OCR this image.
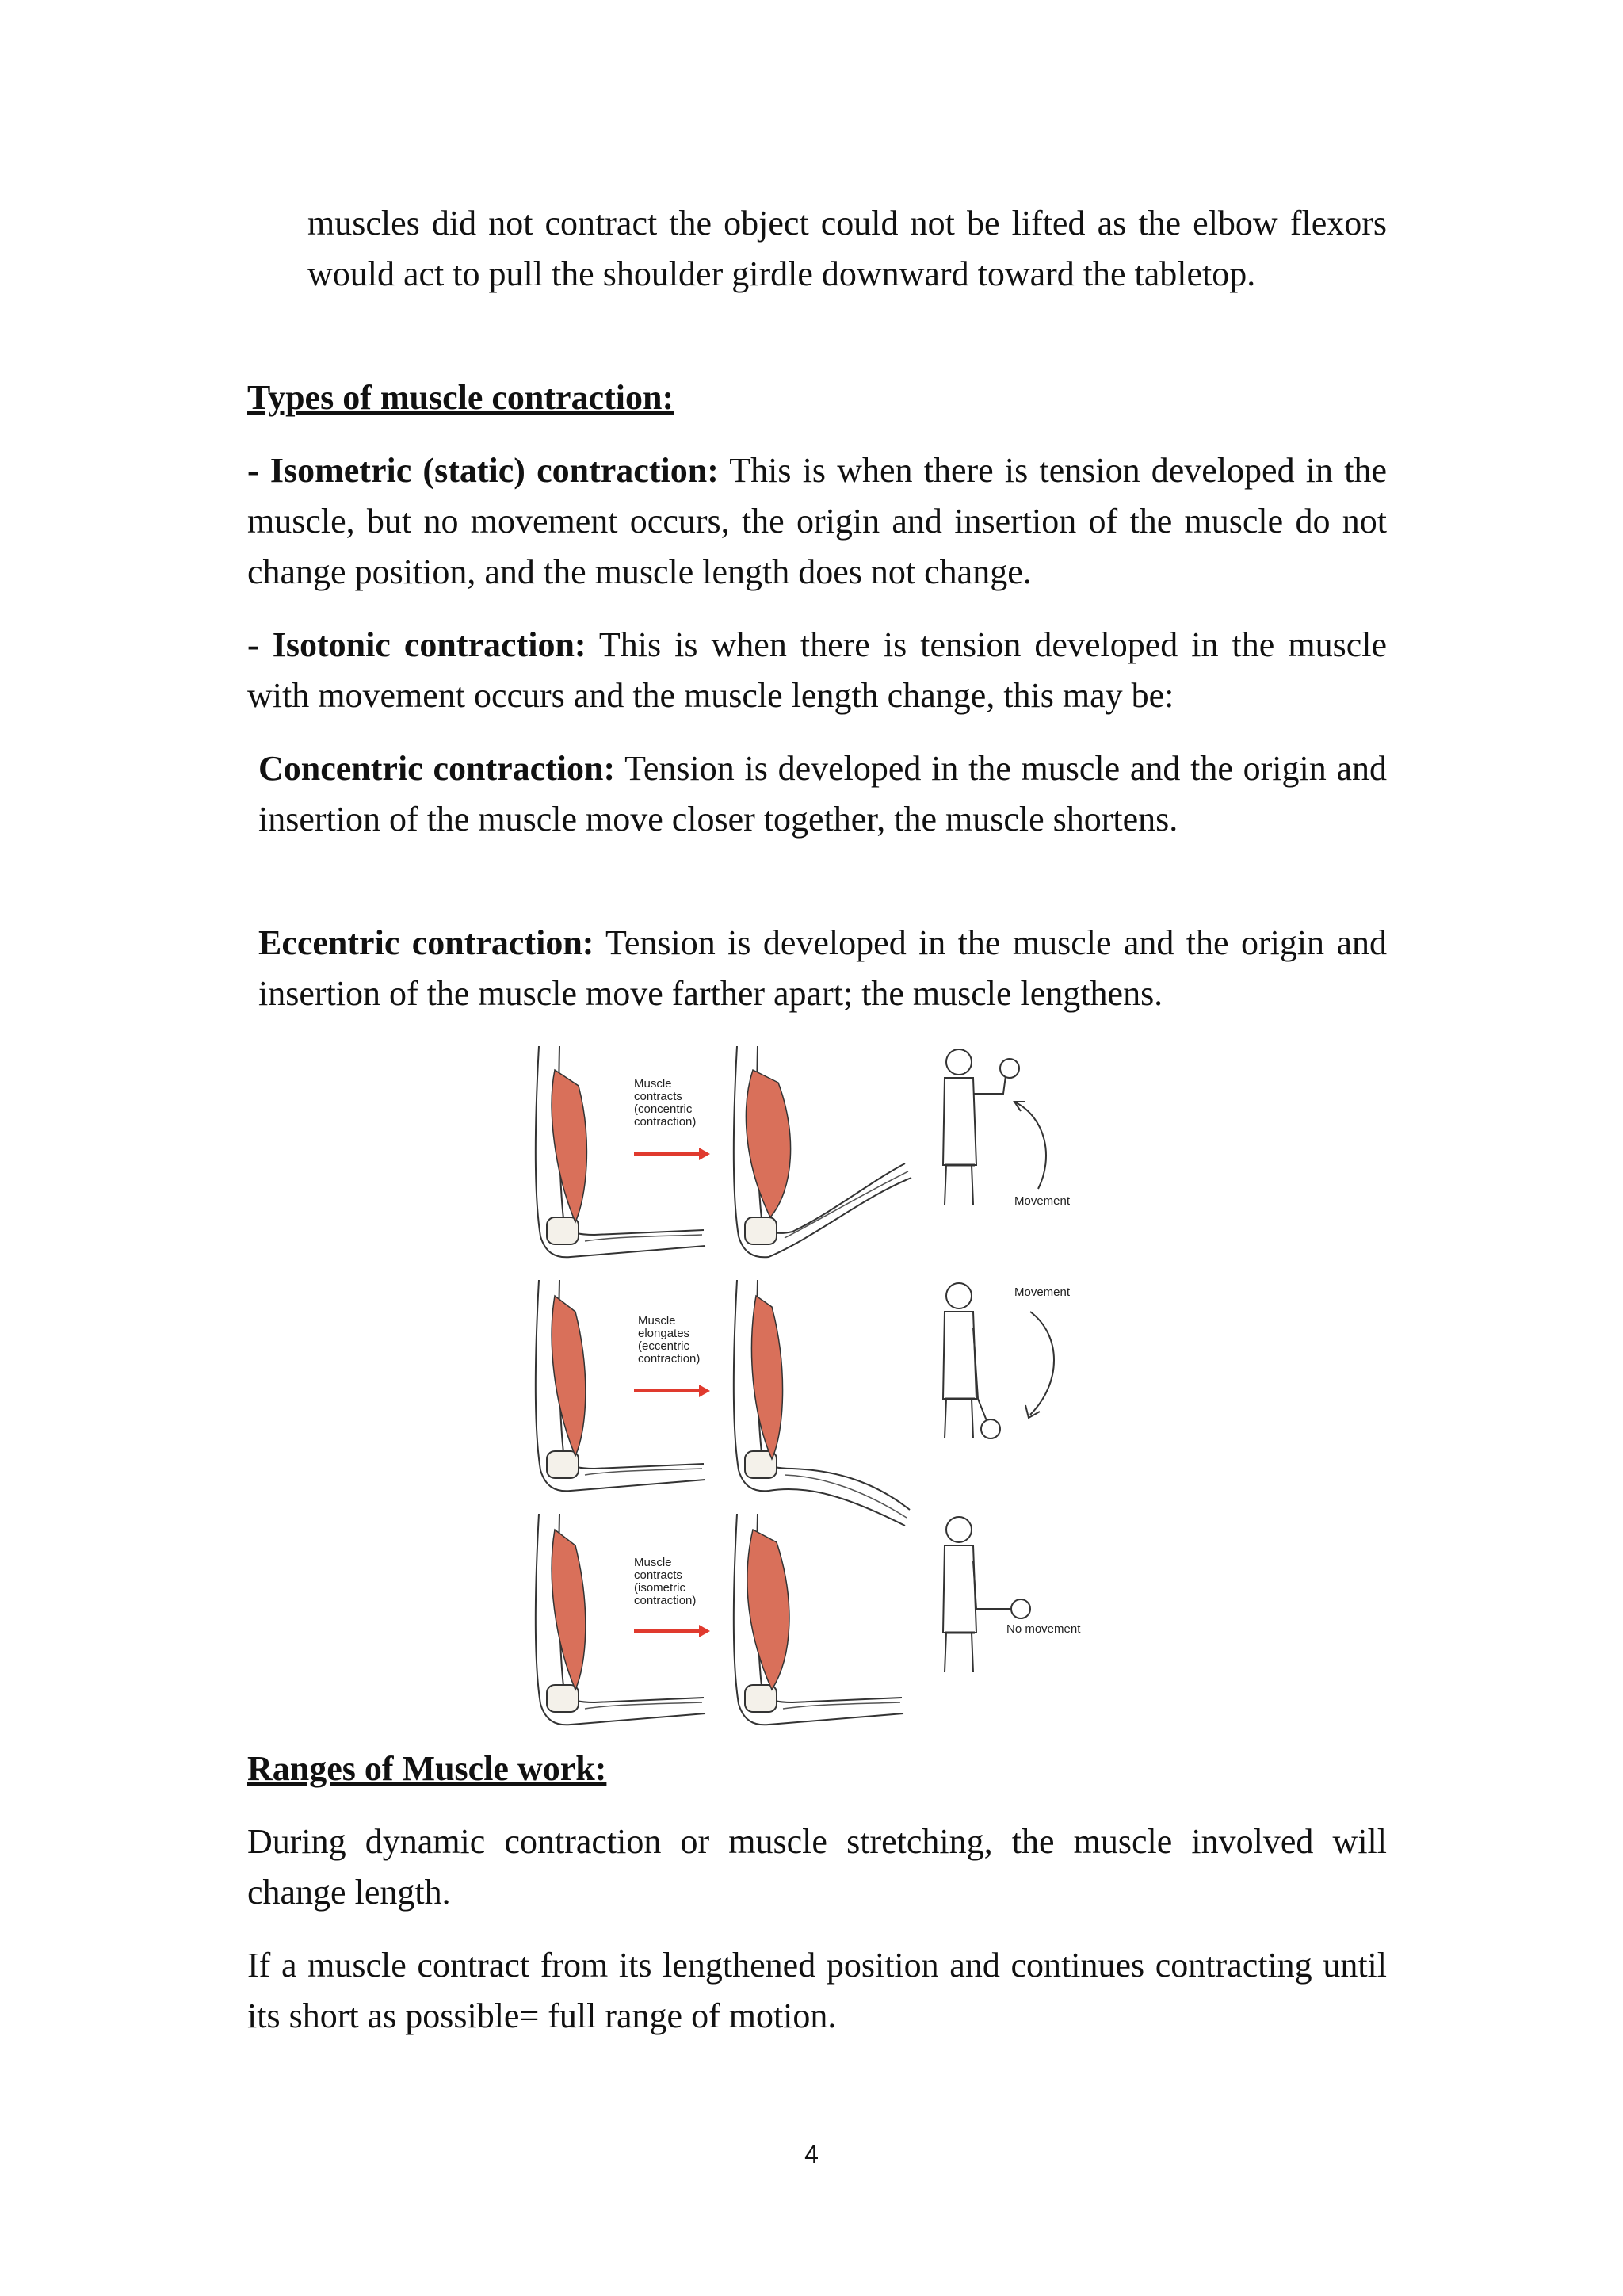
muscles did not contract the object could not be lifted as the elbow flexors would act to pull the shoulder girdle downward toward the tabletop.

Types of muscle contraction:

- Isometric (static) contraction: This is when there is tension developed in the muscle, but no movement occurs, the origin and insertion of the muscle do not change position, and the muscle length does not change.

- Isotonic contraction: This is when there is tension developed in the muscle with movement occurs and the muscle length change, this may be:

Concentric contraction: Tension is developed in the muscle and the origin and insertion of the muscle move closer together, the muscle shortens.

Eccentric contraction: Tension is developed in the muscle and the origin and insertion of the muscle move farther apart; the muscle lengthens.

Muscle
contracts
(concentric
contraction)
Movement
Muscle
elongates
(eccentric
contraction)
Movement
Muscle
contracts
(isometric
contraction)
No movement

Ranges of Muscle work:

During dynamic contraction or muscle stretching, the muscle involved will change length.

If a muscle contract from its lengthened position and continues contracting until its short as possible= full range of motion.

4
